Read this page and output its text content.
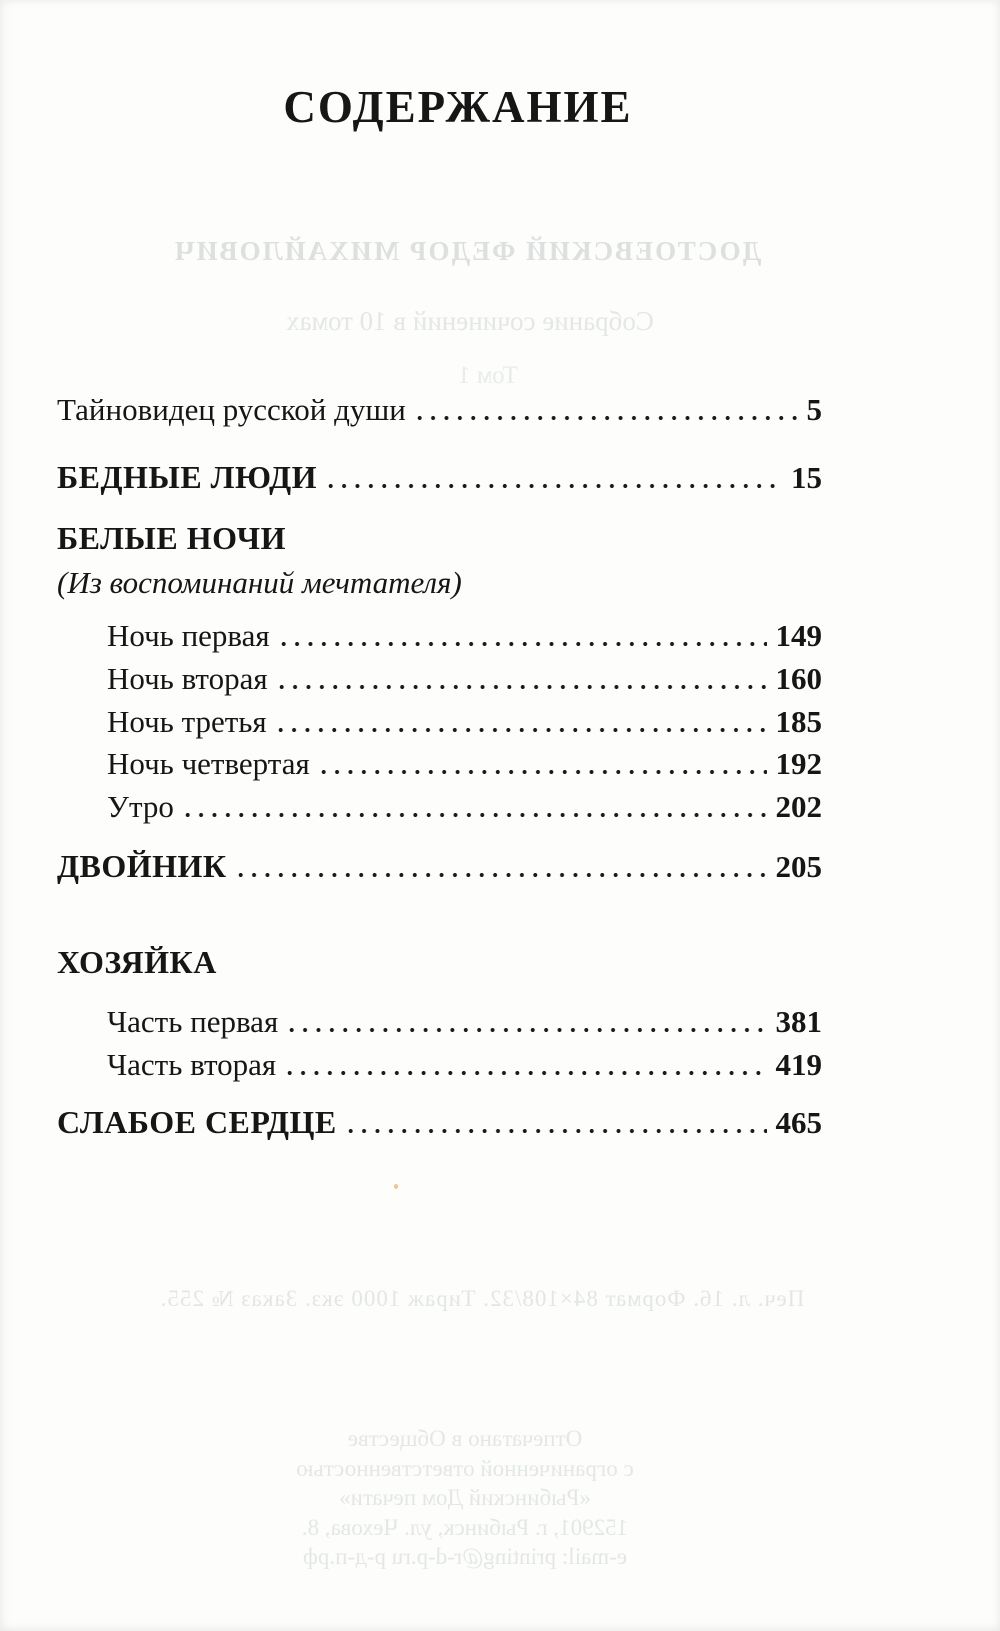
СОДЕРЖАНИЕ
ДОСТОЕВСКИЙ ФЕДОР МИХАЙЛОВИЧ
Собрание сочинений в 10 томах
Том 1
Тайновидец русской души	5
БЕДНЫЕ ЛЮДИ	15
БЕЛЫЕ НОЧИ
(Из воспоминаний мечтателя)
Ночь первая	149
Ночь вторая	160
Ночь третья	185
Ночь четвертая	192
Утро	202
ДВОЙНИК	205
ХОЗЯЙКА
Часть первая	381
Часть вторая	419
СЛАБОЕ СЕРДЦЕ	465
Печ. л. 16. Формат 84×108/32. Тираж 1000 экз. Заказ № 255.
Отпечатано в Обществе
с ограниченной ответственностью
«Рыбинский Дом печати»
152901, г. Рыбинск, ул. Чехова, 8.
e-mail: printing@r-d-p.ru р-д-п.рф
